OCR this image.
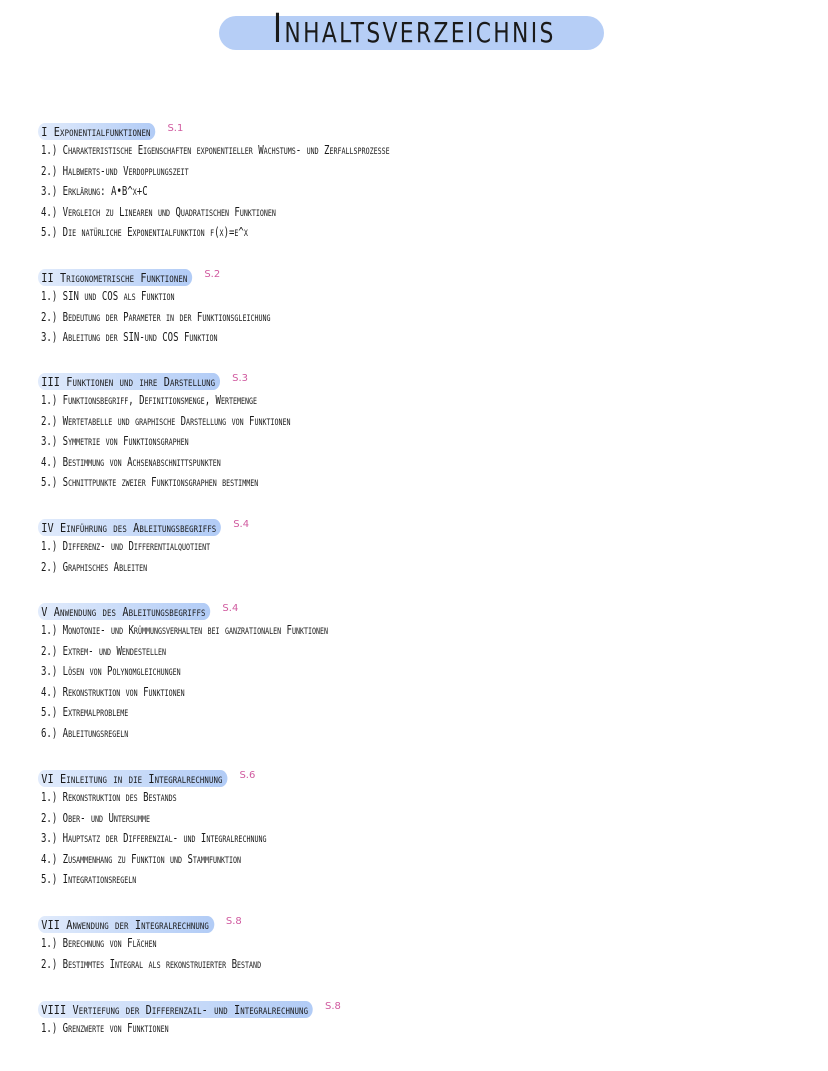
Inhaltsverzeichnis
I Exponentialfunktionen S.1
1.) Charakteristische Eigenschaften exponentieller Wachstums- und Zerfallsprozesse
2.) Halbwerts-und Verdopplungszeit
3.) Erklärung: A•B^x+C
4.) Vergleich zu Linearen und Quadratischen Funktionen
5.) Die natürliche Exponentialfunktion f(x)=e^x
II Trigonometrische Funktionen S.2
1.) SIN und COS als Funktion
2.) Bedeutung der Parameter in der Funktionsgleichung
3.) Ableitung der SIN-und COS Funktion
III Funktionen und ihre Darstellung S.3
1.) Funktionsbegriff, Definitionsmenge, Wertemenge
2.) Wertetabelle und graphische Darstellung von Funktionen
3.) Symmetrie von Funktionsgraphen
4.) Bestimmung von Achsenabschnittspunkten
5.) Schnittpunkte zweier Funktionsgraphen bestimmen
IV Einführung des Ableitungsbegriffs S.4
1.) Differenz- und Differentialquotient
2.) Graphisches Ableiten
V Anwendung des Ableitungsbegriffs S.4
1.) Monotonie- und Krümmungsverhalten bei ganzrationalen Funktionen
2.) Extrem- und Wendestellen
3.) Lösen von Polynomgleichungen
4.) Rekonstruktion von Funktionen
5.) Extremalprobleme
6.) Ableitungsregeln
VI Einleitung in die Integralrechnung S.6
1.) Rekonstruktion des Bestands
2.) Ober- und Untersumme
3.) Hauptsatz der Differenzial- und Integralrechnung
4.) Zusammenhang zu Funktion und Stammfunktion
5.) Integrationsregeln
VII Anwendung der Integralrechnung S.8
1.) Berechnung von Flächen
2.) Bestimmtes Integral als rekonstruierter Bestand
VIII Vertiefung der Differenzail- und Integralrechnung S.8
1.) Grenzwerte von Funktionen
